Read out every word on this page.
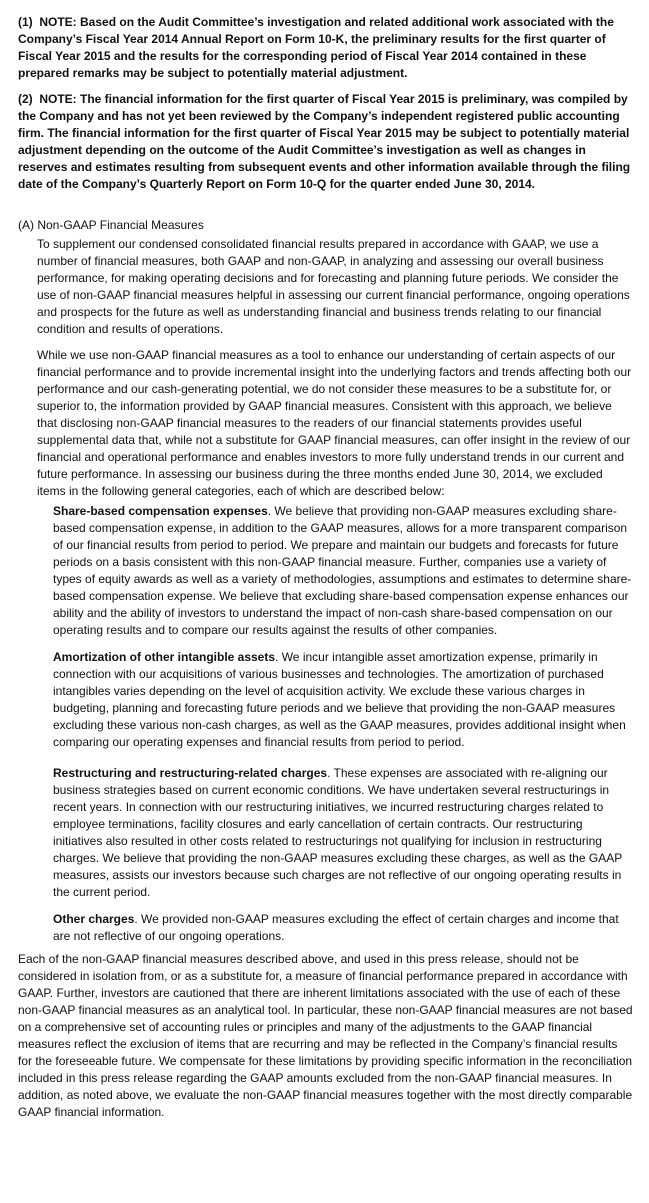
(1) NOTE: Based on the Audit Committee’s investigation and related additional work associated with the Company’s Fiscal Year 2014 Annual Report on Form 10-K, the preliminary results for the first quarter of Fiscal Year 2015 and the results for the corresponding period of Fiscal Year 2014 contained in these prepared remarks may be subject to potentially material adjustment.

(2) NOTE: The financial information for the first quarter of Fiscal Year 2015 is preliminary, was compiled by the Company and has not yet been reviewed by the Company’s independent registered public accounting firm. The financial information for the first quarter of Fiscal Year 2015 may be subject to potentially material adjustment depending on the outcome of the Audit Committee’s investigation as well as changes in reserves and estimates resulting from subsequent events and other information available through the filing date of the Company’s Quarterly Report on Form 10-Q for the quarter ended June 30, 2014.

(A) Non-GAAP Financial Measures

To supplement our condensed consolidated financial results prepared in accordance with GAAP, we use a number of financial measures, both GAAP and non-GAAP, in analyzing and assessing our overall business performance, for making operating decisions and for forecasting and planning future periods. We consider the use of non-GAAP financial measures helpful in assessing our current financial performance, ongoing operations and prospects for the future as well as understanding financial and business trends relating to our financial condition and results of operations.

While we use non-GAAP financial measures as a tool to enhance our understanding of certain aspects of our financial performance and to provide incremental insight into the underlying factors and trends affecting both our performance and our cash-generating potential, we do not consider these measures to be a substitute for, or superior to, the information provided by GAAP financial measures. Consistent with this approach, we believe that disclosing non-GAAP financial measures to the readers of our financial statements provides useful supplemental data that, while not a substitute for GAAP financial measures, can offer insight in the review of our financial and operational performance and enables investors to more fully understand trends in our current and future performance. In assessing our business during the three months ended June 30, 2014, we excluded items in the following general categories, each of which are described below:

Share-based compensation expenses. We believe that providing non-GAAP measures excluding share-based compensation expense, in addition to the GAAP measures, allows for a more transparent comparison of our financial results from period to period. We prepare and maintain our budgets and forecasts for future periods on a basis consistent with this non-GAAP financial measure. Further, companies use a variety of types of equity awards as well as a variety of methodologies, assumptions and estimates to determine share-based compensation expense. We believe that excluding share-based compensation expense enhances our ability and the ability of investors to understand the impact of non-cash share-based compensation on our operating results and to compare our results against the results of other companies.

Amortization of other intangible assets. We incur intangible asset amortization expense, primarily in connection with our acquisitions of various businesses and technologies. The amortization of purchased intangibles varies depending on the level of acquisition activity. We exclude these various charges in budgeting, planning and forecasting future periods and we believe that providing the non-GAAP measures excluding these various non-cash charges, as well as the GAAP measures, provides additional insight when comparing our operating expenses and financial results from period to period.

Restructuring and restructuring-related charges. These expenses are associated with re-aligning our business strategies based on current economic conditions. We have undertaken several restructurings in recent years. In connection with our restructuring initiatives, we incurred restructuring charges related to employee terminations, facility closures and early cancellation of certain contracts. Our restructuring initiatives also resulted in other costs related to restructurings not qualifying for inclusion in restructuring charges. We believe that providing the non-GAAP measures excluding these charges, as well as the GAAP measures, assists our investors because such charges are not reflective of our ongoing operating results in the current period.

Other charges. We provided non-GAAP measures excluding the effect of certain charges and income that are not reflective of our ongoing operations.

Each of the non-GAAP financial measures described above, and used in this press release, should not be considered in isolation from, or as a substitute for, a measure of financial performance prepared in accordance with GAAP. Further, investors are cautioned that there are inherent limitations associated with the use of each of these non-GAAP financial measures as an analytical tool. In particular, these non-GAAP financial measures are not based on a comprehensive set of accounting rules or principles and many of the adjustments to the GAAP financial measures reflect the exclusion of items that are recurring and may be reflected in the Company’s financial results for the foreseeable future. We compensate for these limitations by providing specific information in the reconciliation included in this press release regarding the GAAP amounts excluded from the non-GAAP financial measures. In addition, as noted above, we evaluate the non-GAAP financial measures together with the most directly comparable GAAP financial information.
